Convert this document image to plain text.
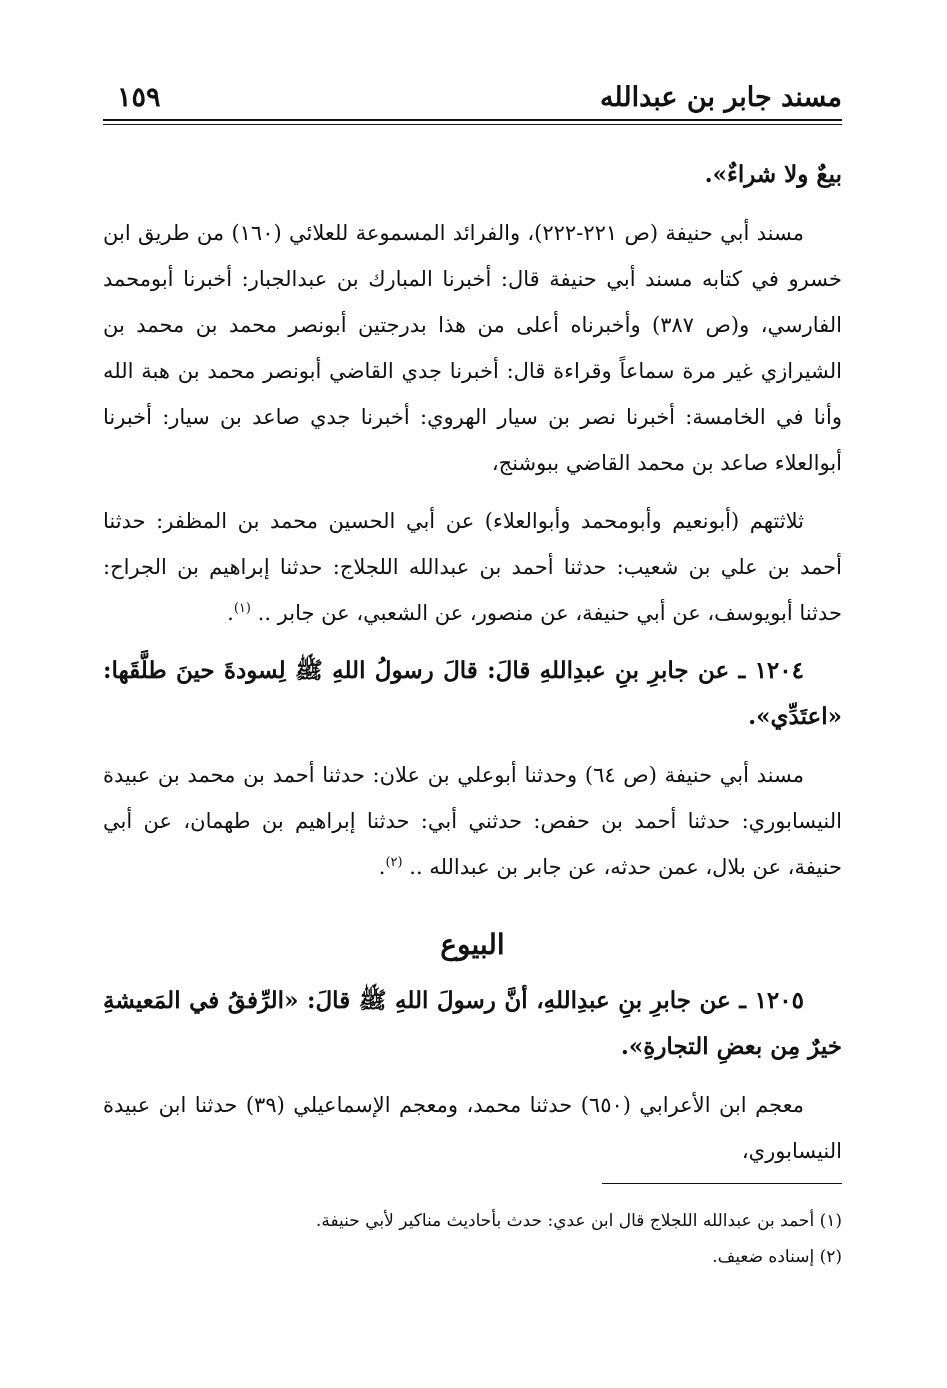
مسند جابر بن عبدالله
١٥٩

بيعٌ ولا شراءٌ».

مسند أبي حنيفة (ص ٢٢١-٢٢٢)، والفرائد المسموعة للعلائي (١٦٠) من طريق ابن خسرو في كتابه مسند أبي حنيفة قال: أخبرنا المبارك بن عبدالجبار: أخبرنا أبومحمد الفارسي، و(ص ٣٨٧) وأخبرناه أعلى من هذا بدرجتين أبونصر محمد بن محمد بن الشيرازي غير مرة سماعاً وقراءة قال: أخبرنا جدي القاضي أبونصر محمد بن هبة الله وأنا في الخامسة: أخبرنا نصر بن سيار الهروي: أخبرنا جدي صاعد بن سيار: أخبرنا أبوالعلاء صاعد بن محمد القاضي ببوشنج،

ثلاثتهم (أبونعيم وأبومحمد وأبوالعلاء) عن أبي الحسين محمد بن المظفر: حدثنا أحمد بن علي بن شعيب: حدثنا أحمد بن عبدالله اللجلاج: حدثنا إبراهيم بن الجراح: حدثنا أبويوسف، عن أبي حنيفة، عن منصور، عن الشعبي، عن جابر .. $^{(١)}$.

١٢٠٤ ـ عن جابرِ بنِ عبدِاللهِ قالَ: قالَ رسولُ اللهِ ﷺ لِسودةَ حينَ طلَّقَها: «اعتَدِّي».

مسند أبي حنيفة (ص ٦٤) وحدثنا أبوعلي بن علان: حدثنا أحمد بن محمد بن عبيدة النيسابوري: حدثنا أحمد بن حفص: حدثني أبي: حدثنا إبراهيم بن طهمان، عن أبي حنيفة، عن بلال، عمن حدثه، عن جابر بن عبدالله .. $^{(٢)}$.

البيوع

١٢٠٥ ـ عن جابرِ بنِ عبدِاللهِ، أنَّ رسولَ اللهِ ﷺ قالَ: «الرِّفقُ في المَعيشةِ خيرٌ مِن بعضِ التجارةِ».

معجم ابن الأعرابي (٦٥٠) حدثنا محمد، ومعجم الإسماعيلي (٣٩) حدثنا ابن عبيدة النيسابوري،

(١) أحمد بن عبدالله اللجلاج قال ابن عدي: حدث بأحاديث مناكير لأبي حنيفة.

(٢) إسناده ضعيف.
